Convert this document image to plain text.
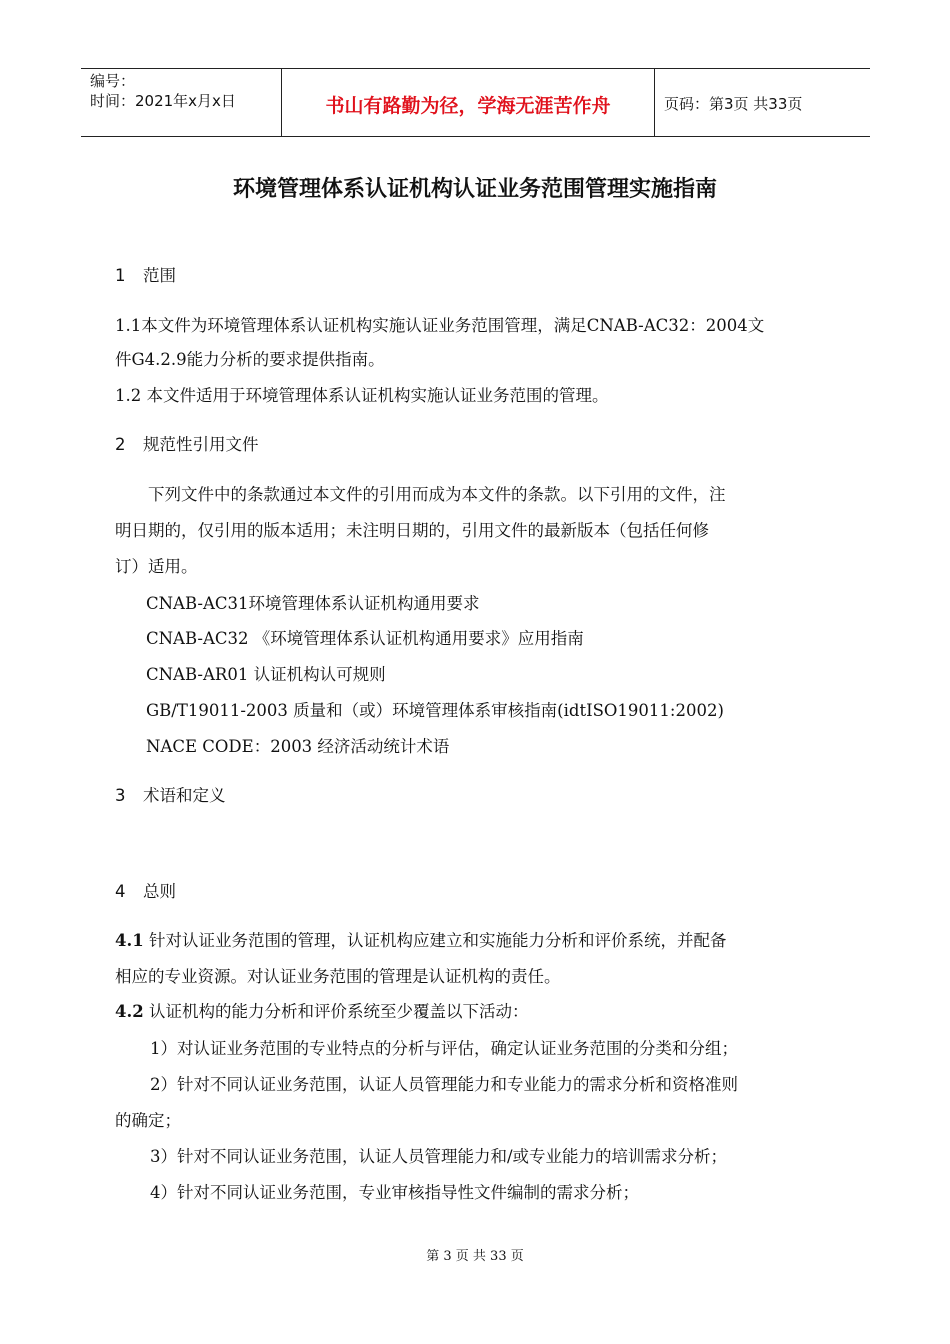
编号：
时间：2021年x月x日	书山有路勤为径，学海无涯苦作舟	页码：第3页 共33页
环境管理体系认证机构认证业务范围管理实施指南
1 范围
1.1本文件为环境管理体系认证机构实施认证业务范围管理，满足CNAB-AC32：2004文
件G4.2.9能力分析的要求提供指南。
1.2 本文件适用于环境管理体系认证机构实施认证业务范围的管理。
2 规范性引用文件
下列文件中的条款通过本文件的引用而成为本文件的条款。以下引用的文件，注
明日期的，仅引用的版本适用；未注明日期的，引用文件的最新版本（包括任何修
订）适用。
CNAB-AC31环境管理体系认证机构通用要求
CNAB-AC32 《环境管理体系认证机构通用要求》应用指南
CNAB-AR01 认证机构认可规则
GB/T19011-2003 质量和（或）环境管理体系审核指南(idtISO19011:2002)
NACE CODE：2003 经济活动统计术语
3 术语和定义
4 总则
4.1 针对认证业务范围的管理，认证机构应建立和实施能力分析和评价系统，并配备
相应的专业资源。对认证业务范围的管理是认证机构的责任。
4.2 认证机构的能力分析和评价系统至少覆盖以下活动：
1）对认证业务范围的专业特点的分析与评估，确定认证业务范围的分类和分组；
2）针对不同认证业务范围，认证人员管理能力和专业能力的需求分析和资格准则
的确定；
3）针对不同认证业务范围，认证人员管理能力和/或专业能力的培训需求分析；
4）针对不同认证业务范围，专业审核指导性文件编制的需求分析；
第 3 页 共 33 页
